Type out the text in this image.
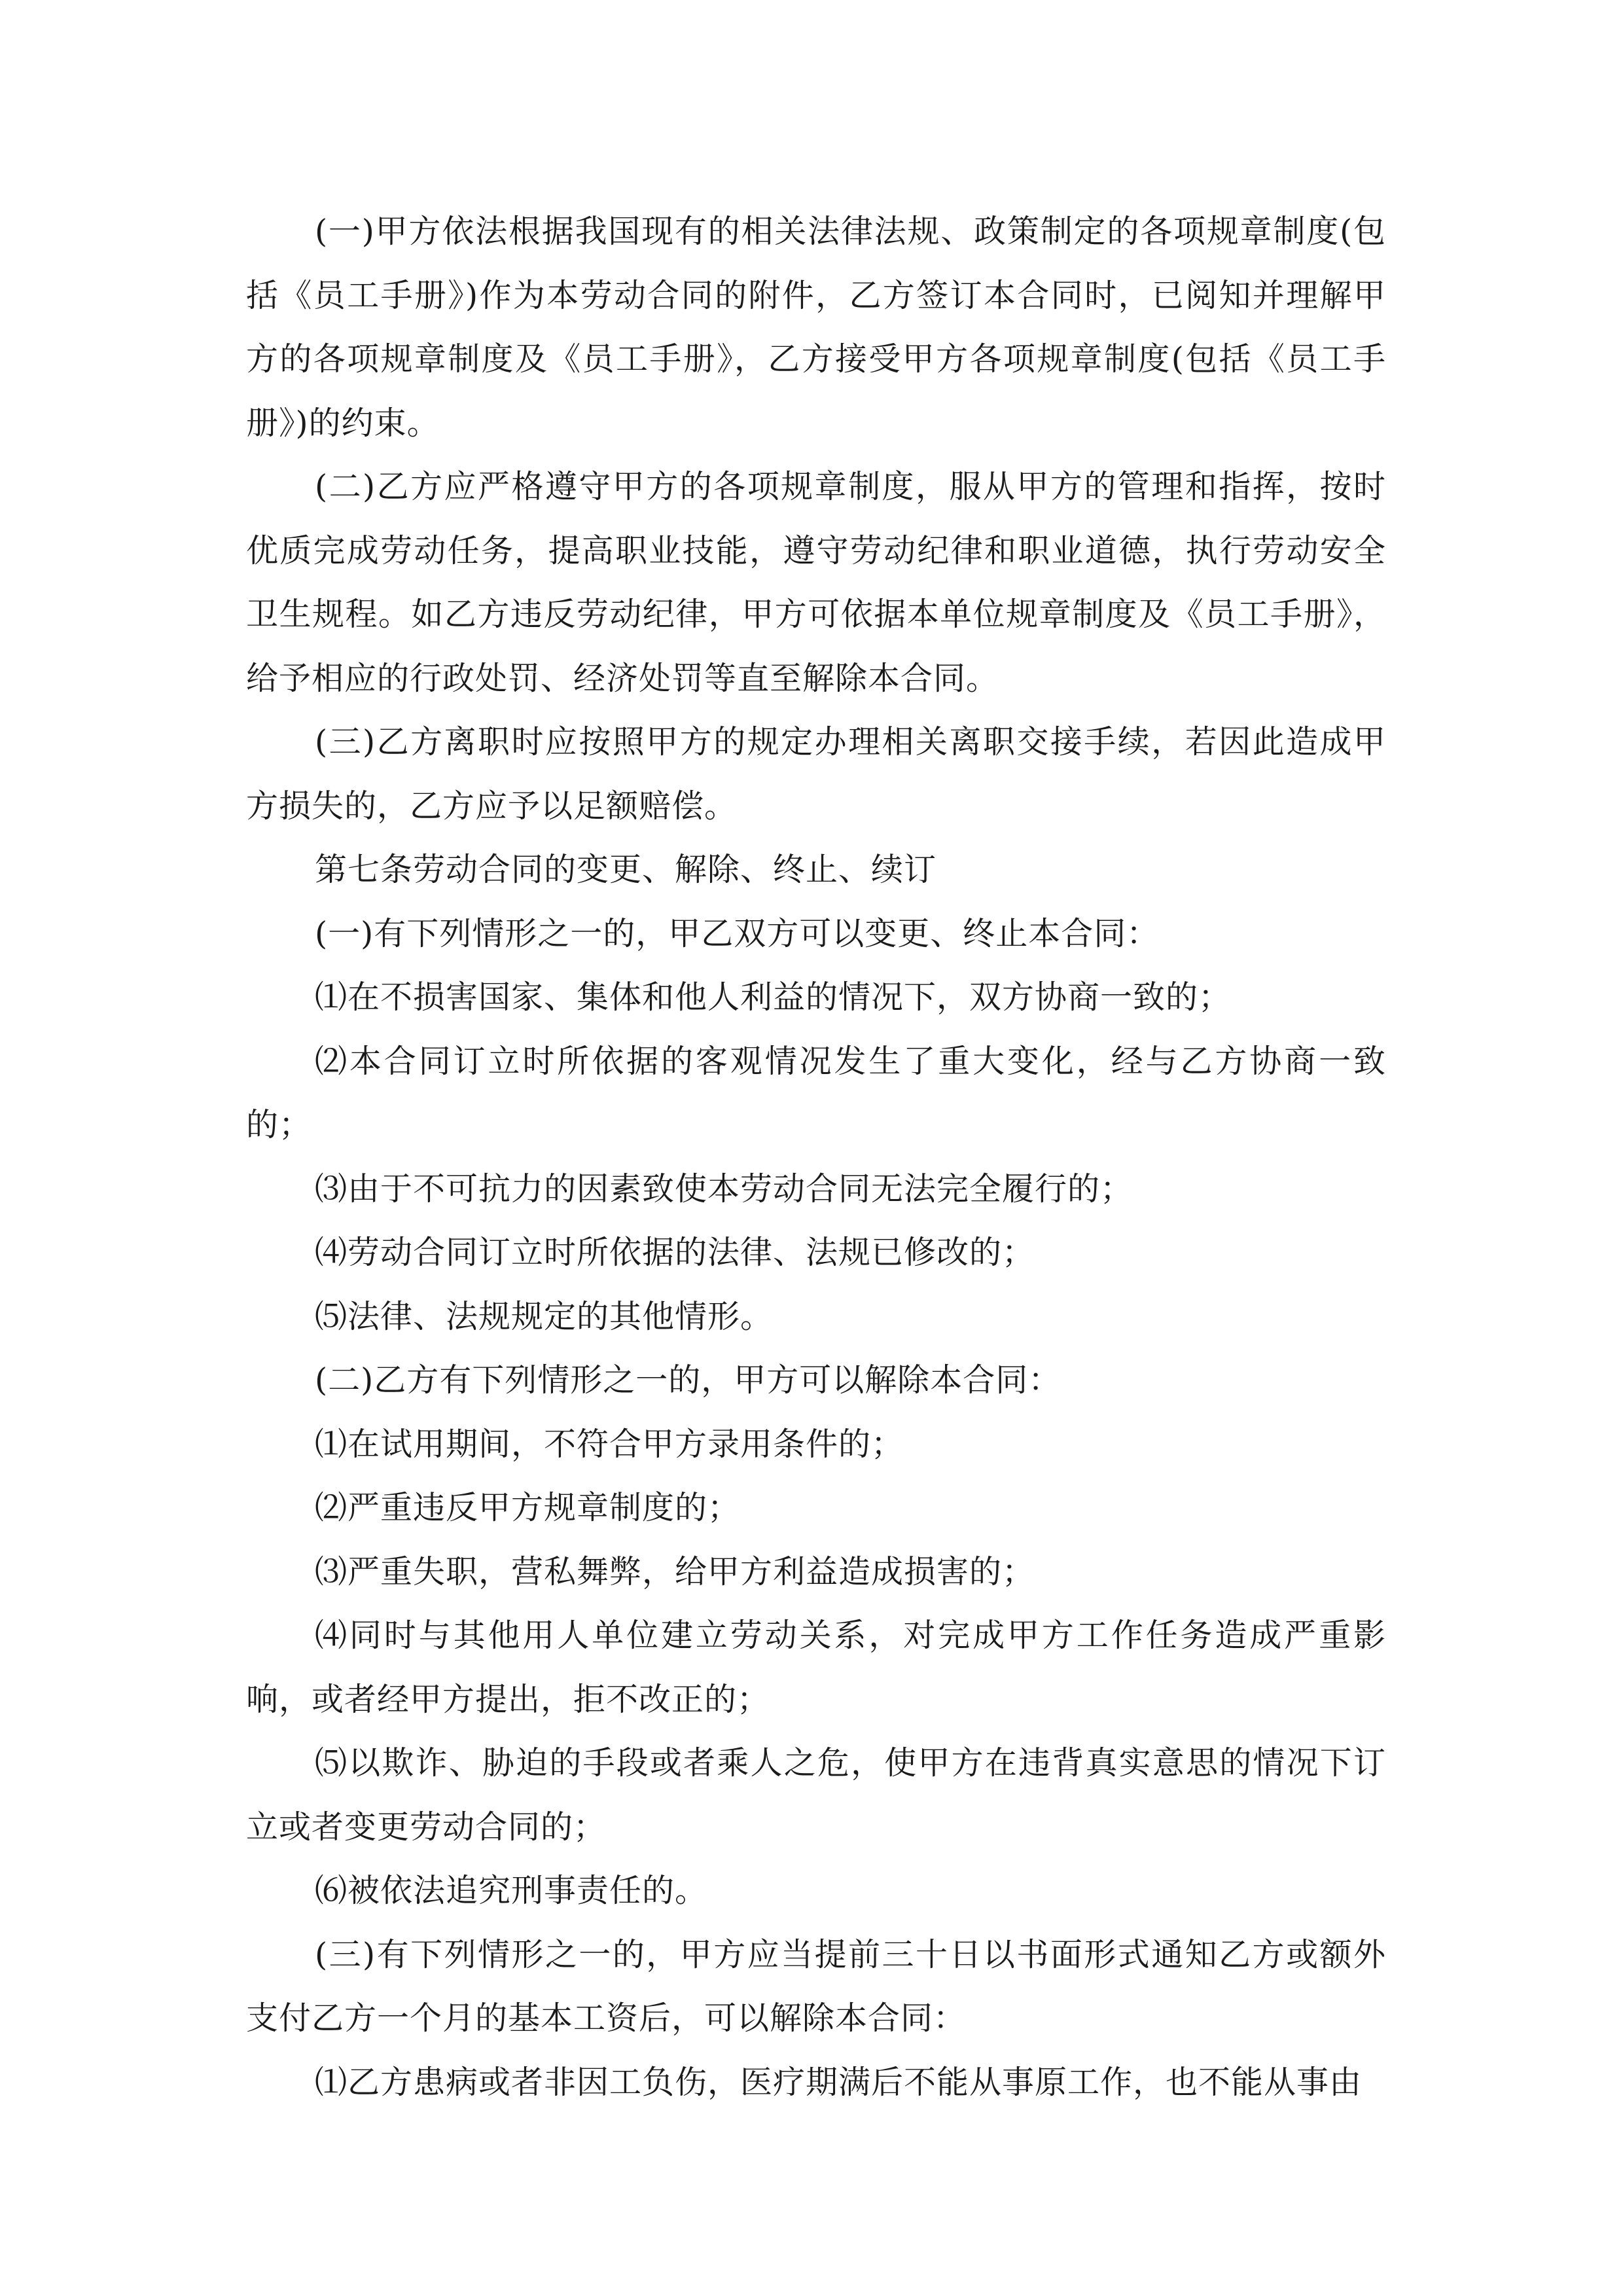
(一)甲方依法根据我国现有的相关法律法规、政策制定的各项规章制度(包括《员工手册》)作为本劳动合同的附件，乙方签订本合同时，已阅知并理解甲方的各项规章制度及《员工手册》，乙方接受甲方各项规章制度(包括《员工手册》)的约束。

(二)乙方应严格遵守甲方的各项规章制度，服从甲方的管理和指挥，按时优质完成劳动任务，提高职业技能，遵守劳动纪律和职业道德，执行劳动安全卫生规程。如乙方违反劳动纪律，甲方可依据本单位规章制度及《员工手册》，给予相应的行政处罚、经济处罚等直至解除本合同。

(三)乙方离职时应按照甲方的规定办理相关离职交接手续，若因此造成甲方损失的，乙方应予以足额赔偿。

第七条劳动合同的变更、解除、终止、续订

(一)有下列情形之一的，甲乙双方可以变更、终止本合同：

⑴在不损害国家、集体和他人利益的情况下，双方协商一致的；

⑵本合同订立时所依据的客观情况发生了重大变化，经与乙方协商一致的；

⑶由于不可抗力的因素致使本劳动合同无法完全履行的；

⑷劳动合同订立时所依据的法律、法规已修改的；

⑸法律、法规规定的其他情形。

(二)乙方有下列情形之一的，甲方可以解除本合同：

⑴在试用期间，不符合甲方录用条件的；

⑵严重违反甲方规章制度的；

⑶严重失职，营私舞弊，给甲方利益造成损害的；

⑷同时与其他用人单位建立劳动关系，对完成甲方工作任务造成严重影响，或者经甲方提出，拒不改正的；

⑸以欺诈、胁迫的手段或者乘人之危，使甲方在违背真实意思的情况下订立或者变更劳动合同的；

⑹被依法追究刑事责任的。

(三)有下列情形之一的，甲方应当提前三十日以书面形式通知乙方或额外支付乙方一个月的基本工资后，可以解除本合同：

⑴乙方患病或者非因工负伤，医疗期满后不能从事原工作，也不能从事由
